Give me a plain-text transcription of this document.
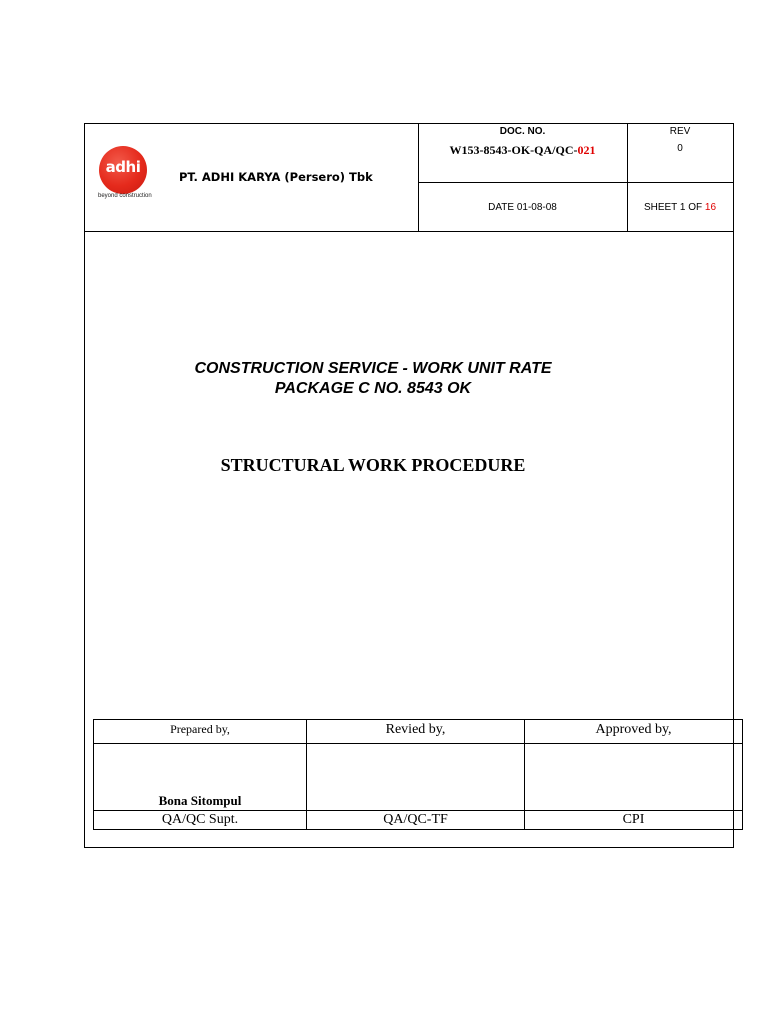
adhi
beyond construction
PT. ADHI KARYA (Persero) Tbk
DOC. NO.
W153-8543-OK-QA/QC-021
REV
0
DATE 01-08-08	SHEET 1 OF 16
CONSTRUCTION SERVICE - WORK UNIT RATE
PACKAGE C NO. 8543 OK
STRUCTURAL WORK PROCEDURE
Prepared by,	Revied by,	Approved by,
Bona Sitompul		
QA/QC Supt.	QA/QC-TF	CPI
